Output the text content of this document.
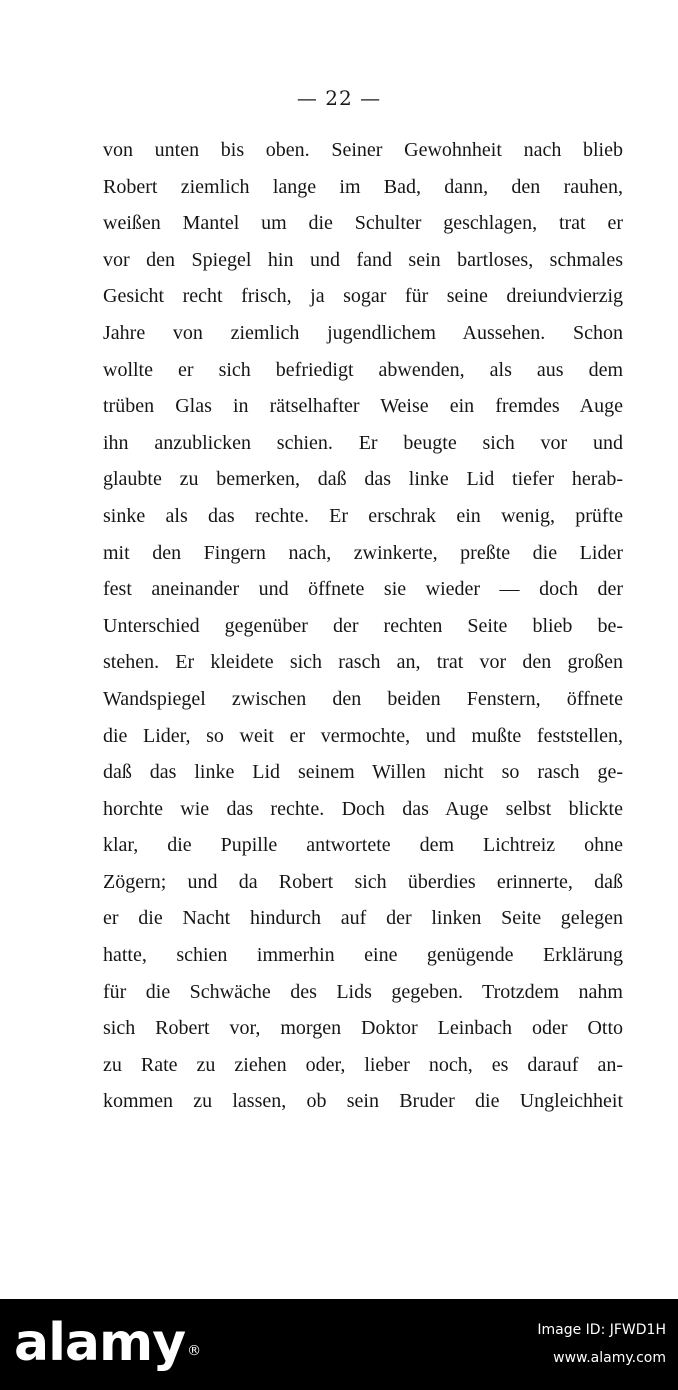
— 22 —

von unten bis oben. Seiner Gewohnheit nach blieb
Robert ziemlich lange im Bad, dann, den rauhen,
weißen Mantel um die Schulter geschlagen, trat er
vor den Spiegel hin und fand sein bartloses, schmales
Gesicht recht frisch, ja sogar für seine dreiundvierzig
Jahre von ziemlich jugendlichem Aussehen. Schon
wollte er sich befriedigt abwenden, als aus dem
trüben Glas in rätselhafter Weise ein fremdes Auge
ihn anzublicken schien. Er beugte sich vor und
glaubte zu bemerken, daß das linke Lid tiefer herab-
sinke als das rechte. Er erschrak ein wenig, prüfte
mit den Fingern nach, zwinkerte, preßte die Lider
fest aneinander und öffnete sie wieder — doch der
Unterschied gegenüber der rechten Seite blieb be-
stehen. Er kleidete sich rasch an, trat vor den großen
Wandspiegel zwischen den beiden Fenstern, öffnete
die Lider, so weit er vermochte, und mußte feststellen,
daß das linke Lid seinem Willen nicht so rasch ge-
horchte wie das rechte. Doch das Auge selbst blickte
klar, die Pupille antwortete dem Lichtreiz ohne
Zögern; und da Robert sich überdies erinnerte, daß
er die Nacht hindurch auf der linken Seite gelegen
hatte, schien immerhin eine genügende Erklärung
für die Schwäche des Lids gegeben. Trotzdem nahm
sich Robert vor, morgen Doktor Leinbach oder Otto
zu Rate zu ziehen oder, lieber noch, es darauf an-
kommen zu lassen, ob sein Bruder die Ungleichheit
alamy ®
Image ID: JFWD1H
www.alamy.com
